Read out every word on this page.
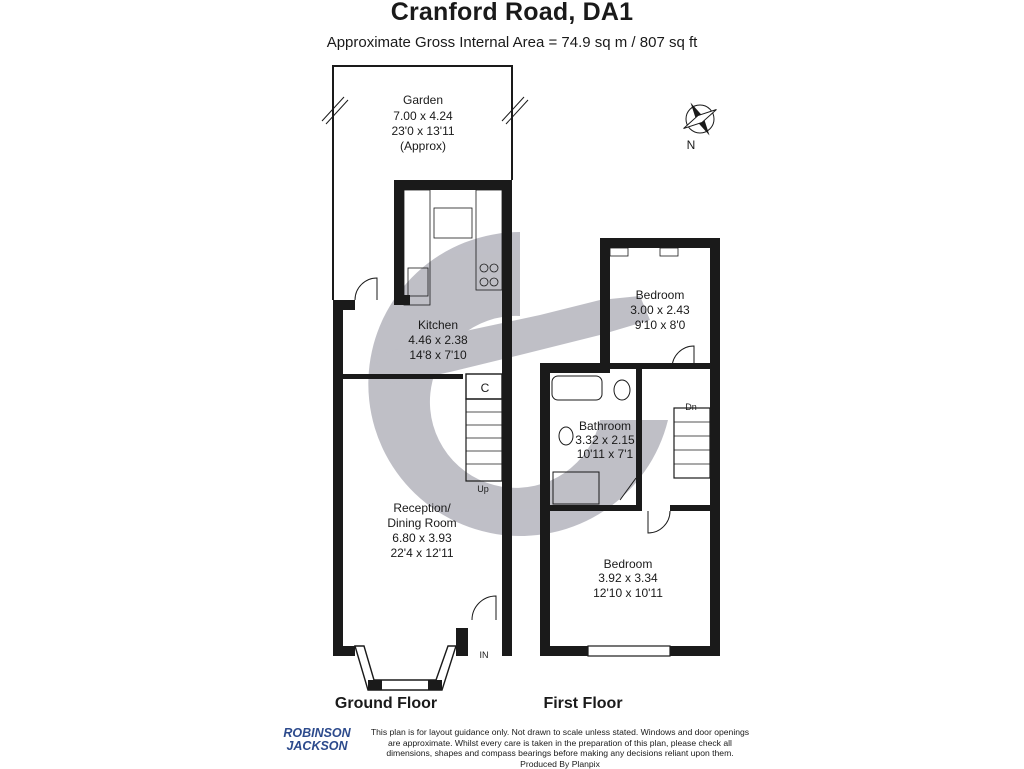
Cranford Road, DA1
Approximate Gross Internal Area = 74.9 sq m / 807 sq ft
N
Garden
7.00 x 4.24
23'0 x 13'11
(Approx)
Kitchen
4.46 x 2.38
14'8 x 7'10
C
Up
Reception/
Dining Room
6.80 x 3.93
22'4 x 12'11
IN
Bedroom
3.00 x 2.43
9'10 x 8'0
Bathroom
3.32 x 2.15
10'11 x 7'1
Dn
Bedroom
3.92 x 3.34
12'10 x 10'11
Ground Floor	First Floor
ROBINSON
JACKSON
This plan is for layout guidance only. Not drawn to scale unless stated. Windows and door openings
are approximate. Whilst every care is taken in the preparation of this plan, please check all
dimensions, shapes and compass bearings before making any decisions reliant upon them.
Produced By Planpix
